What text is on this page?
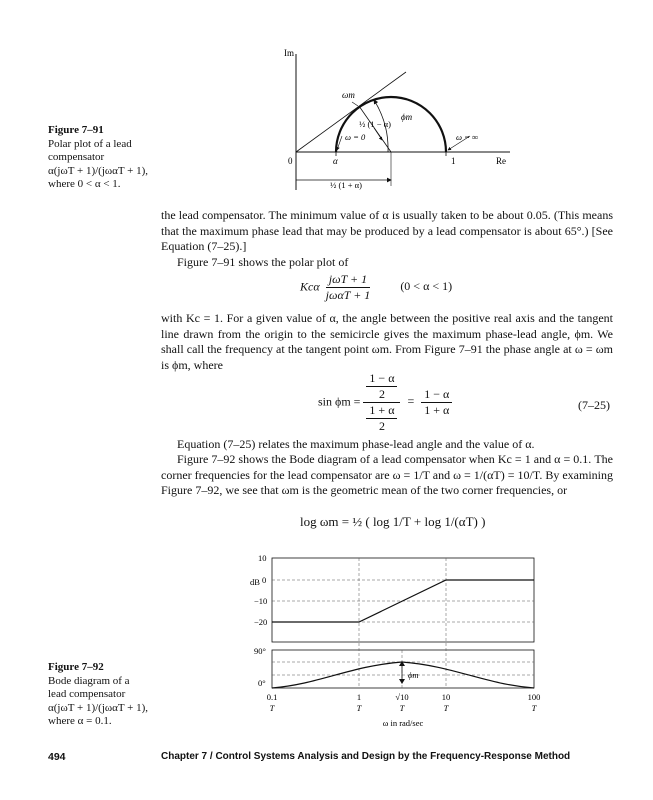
Figure 7–91
Polar plot of a lead
compensator
α(jωT + 1)/(jωαT + 1),
where 0 < α < 1.
Im
Re
0	α	1
ωm
ϕm
½ (1 − α)
ω = 0	ω = ∞
½ (1 + α)
the lead compensator. The minimum value of α is usually taken to be about 0.05. (This means that the maximum phase lead that may be produced by a lead compensator is about 65°.) [See Equation (7–25).]
Figure 7–91 shows the polar plot of
Kcα $\frac{\text{jωT + 1}}{\text{jωαT + 1}} (0 < \alpha < 1)$
with Kc = 1. For a given value of α, the angle between the positive real axis and the tangent line drawn from the origin to the semicircle gives the maximum phase-lead angle, ϕm. We shall call the frequency at the tangent point ωm. From Figure 7–91 the phase angle at ω = ωm is ϕm, where
$\sin \phi m = \frac{\frac{1 - \alpha}{2}}{\frac{1 + \alpha}{2}} = \frac{1 - \alpha}{1 + \alpha}$	(7–25)
Equation (7–25) relates the maximum phase-lead angle and the value of α.
Figure 7–92 shows the Bode diagram of a lead compensator when Kc = 1 and α = 0.1. The corner frequencies for the lead compensator are ω = 1/T and ω = 1/(αT) = 10/T. By examining Figure 7–92, we see that ωm is the geometric mean of the two corner frequencies, or
log ωm = ½ ( log 1/T + log 1/(αT) )
Figure 7–92
Bode diagram of a
lead compensator
α(jωT + 1)/(jωαT + 1),
where α = 0.1.
dB
10
0
−10
−20
90°
0°
ϕm
0.1
T
1
T
√10
T
10
T
100
T
ω in rad/sec
494	Chapter 7 / Control Systems Analysis and Design by the Frequency-Response Method
